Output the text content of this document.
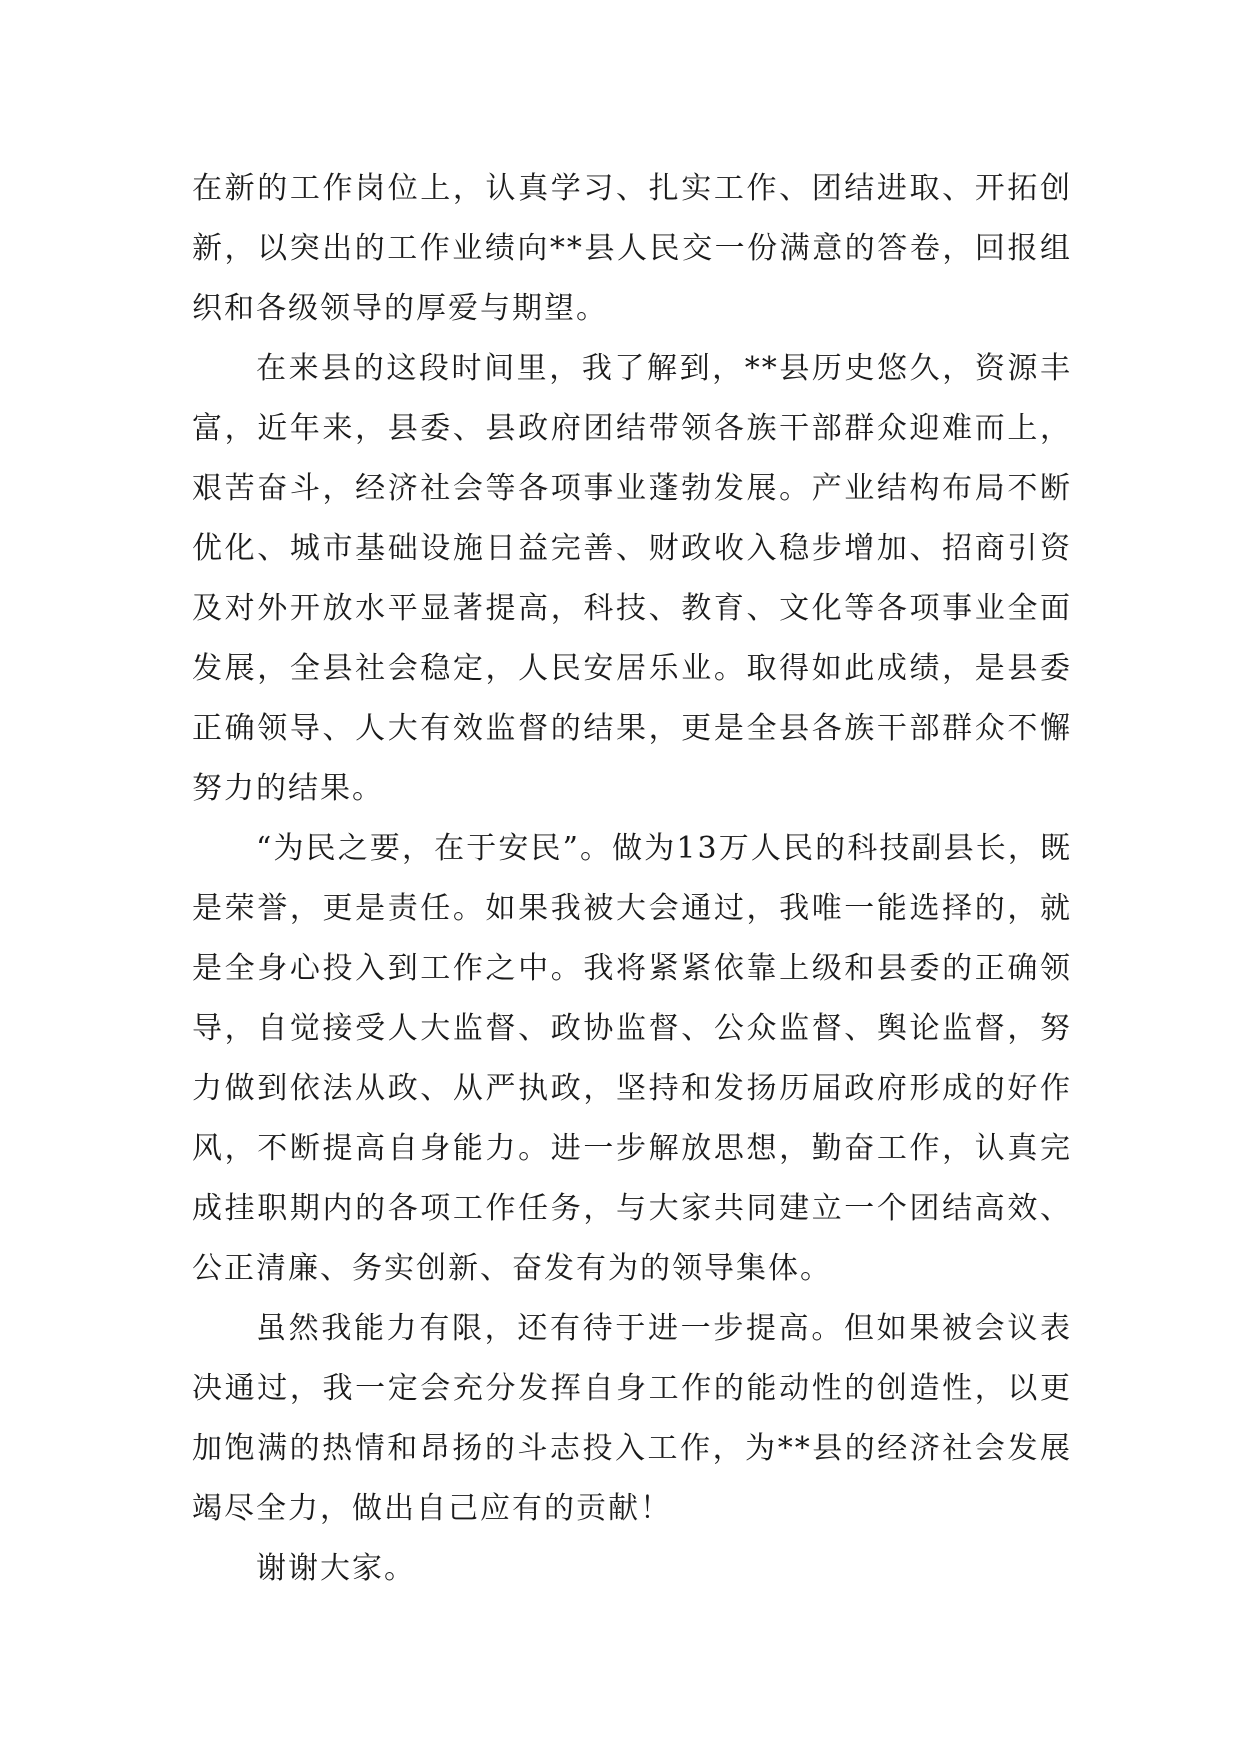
在新的工作岗位上，认真学习、扎实工作、团结进取、开拓创新，以突出的工作业绩向**县人民交一份满意的答卷，回报组织和各级领导的厚爱与期望。

在来县的这段时间里，我了解到，**县历史悠久，资源丰富，近年来，县委、县政府团结带领各族干部群众迎难而上，艰苦奋斗，经济社会等各项事业蓬勃发展。产业结构布局不断优化、城市基础设施日益完善、财政收入稳步增加、招商引资及对外开放水平显著提高，科技、教育、文化等各项事业全面发展，全县社会稳定，人民安居乐业。取得如此成绩，是县委正确领导、人大有效监督的结果，更是全县各族干部群众不懈努力的结果。

“为民之要，在于安民”。做为13万人民的科技副县长，既是荣誉，更是责任。如果我被大会通过，我唯一能选择的，就是全身心投入到工作之中。我将紧紧依靠上级和县委的正确领导，自觉接受人大监督、政协监督、公众监督、舆论监督，努力做到依法从政、从严执政，坚持和发扬历届政府形成的好作风，不断提高自身能力。进一步解放思想，勤奋工作，认真完成挂职期内的各项工作任务，与大家共同建立一个团结高效、公正清廉、务实创新、奋发有为的领导集体。

虽然我能力有限，还有待于进一步提高。但如果被会议表决通过，我一定会充分发挥自身工作的能动性的创造性，以更加饱满的热情和昂扬的斗志投入工作，为**县的经济社会发展竭尽全力，做出自己应有的贡献！

谢谢大家。
